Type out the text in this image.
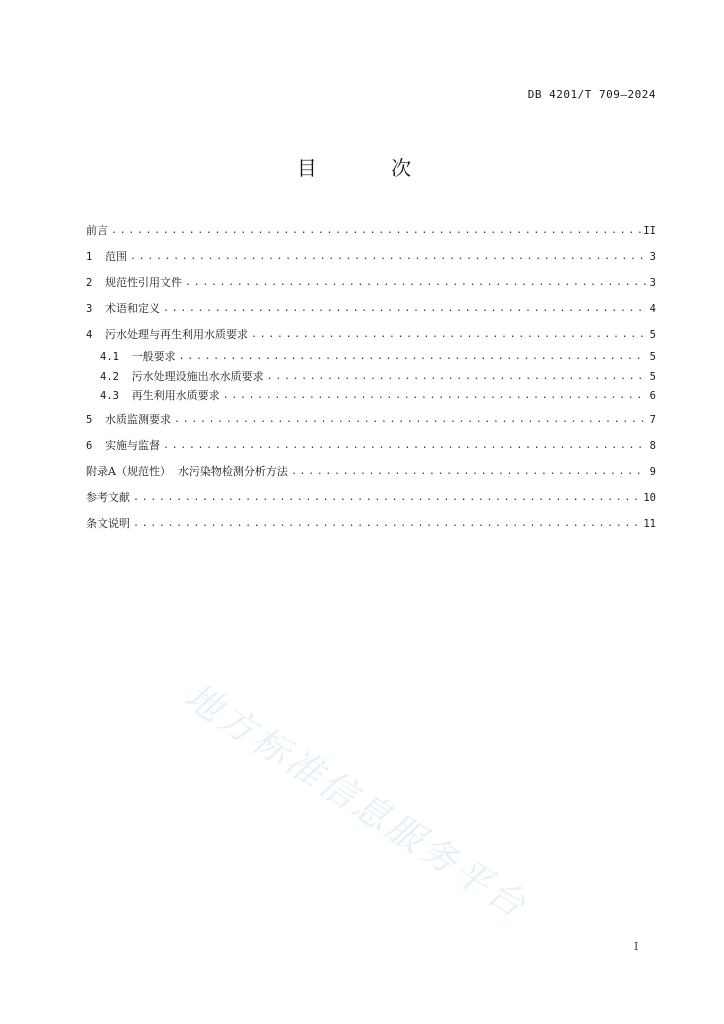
DB 4201/T 709—2024
目 次
前言 .....	II
1 范围 .....	3
2 规范性引用文件 .....	3
3 术语和定义 .....	4
4 污水处理与再生利用水质要求 .....	5
4.1 一般要求 .....	5
4.2 污水处理设施出水水质要求 .....	5
4.3 再生利用水质要求 .....	6
5 水质监测要求 .....	7
6 实施与监督 .....	8
附录A（规范性）  水污染物检测分析方法 .....	9
参考文献 .....	10
条文说明 .....	11
地方标准信息服务平台
I
